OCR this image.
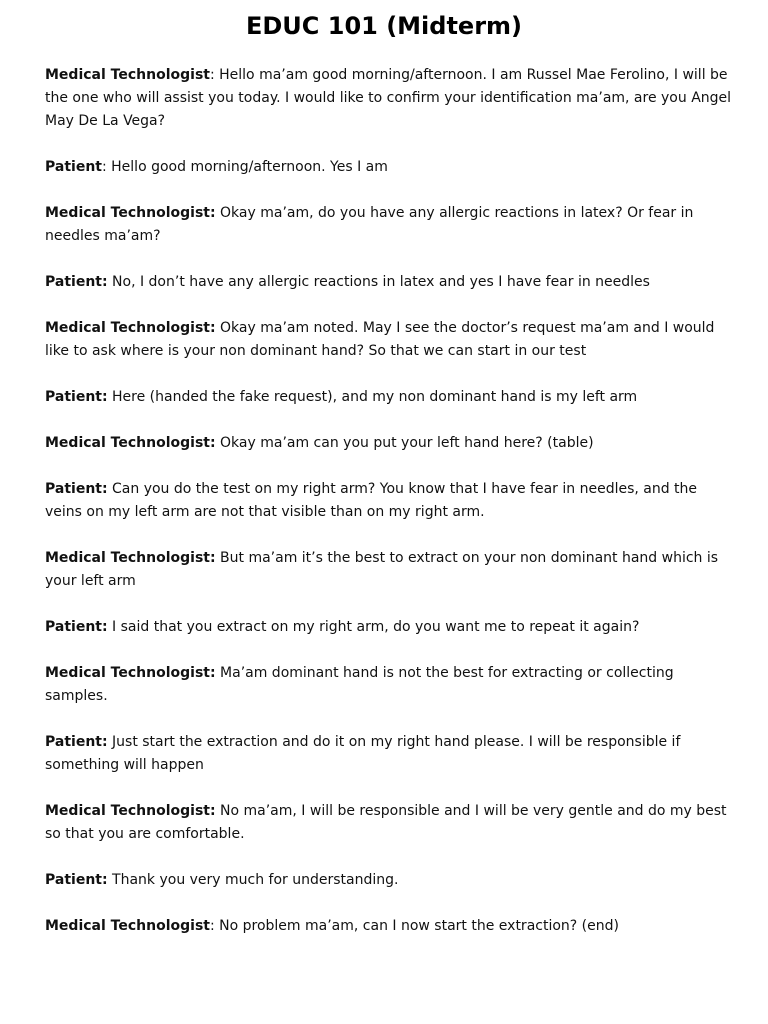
EDUC 101 (Midterm)

Medical Technologist: Hello ma’am good morning/afternoon. I am Russel Mae Ferolino, I will be the one who will assist you today. I would like to confirm your identification ma’am, are you Angel May De La Vega?

Patient: Hello good morning/afternoon. Yes I am

Medical Technologist: Okay ma’am, do you have any allergic reactions in latex? Or fear in needles ma’am?

Patient: No, I don’t have any allergic reactions in latex and yes I have fear in needles

Medical Technologist: Okay ma’am noted. May I see the doctor’s request ma’am and I would like to ask where is your non dominant hand? So that we can start in our test

Patient: Here (handed the fake request), and my non dominant hand is my left arm

Medical Technologist: Okay ma’am can you put your left hand here? (table)

Patient: Can you do the test on my right arm? You know that I have fear in needles, and the veins on my left arm are not that visible than on my right arm.

Medical Technologist: But ma’am it’s the best to extract on your non dominant hand which is your left arm

Patient: I said that you extract on my right arm, do you want me to repeat it again?

Medical Technologist: Ma’am dominant hand is not the best for extracting or collecting samples.

Patient: Just start the extraction and do it on my right hand please. I will be responsible if something will happen

Medical Technologist: No ma’am, I will be responsible and I will be very gentle and do my best so that you are comfortable.

Patient: Thank you very much for understanding.

Medical Technologist: No problem ma’am, can I now start the extraction? (end)
